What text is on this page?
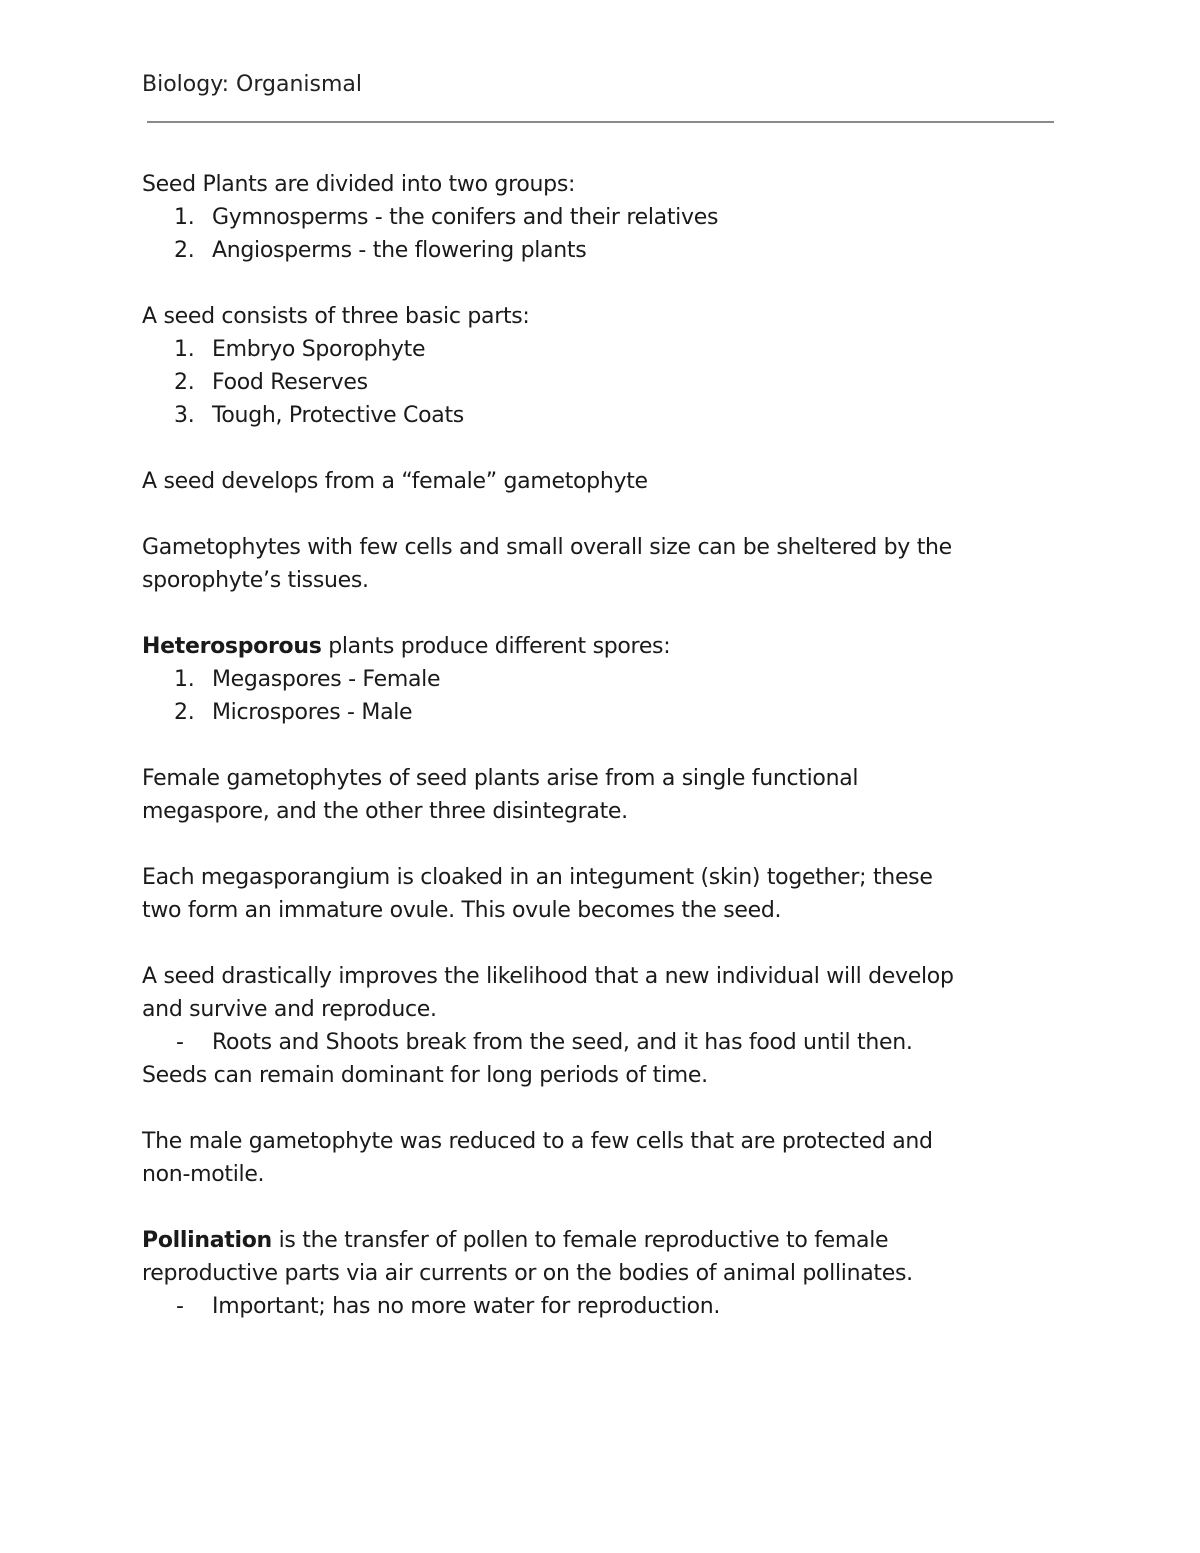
Biology: Organismal
Seed Plants are divided into two groups:
1. Gymnosperms - the conifers and their relatives
2. Angiosperms - the flowering plants
A seed consists of three basic parts:
1. Embryo Sporophyte
2. Food Reserves
3. Tough, Protective Coats
A seed develops from a “female” gametophyte
Gametophytes with few cells and small overall size can be sheltered by the
sporophyte’s tissues.
Heterosporous plants produce different spores:
1. Megaspores - Female
2. Microspores - Male
Female gametophytes of seed plants arise from a single functional
megaspore, and the other three disintegrate.
Each megasporangium is cloaked in an integument (skin) together; these
two form an immature ovule. This ovule becomes the seed.
A seed drastically improves the likelihood that a new individual will develop
and survive and reproduce.
-	Roots and Shoots break from the seed, and it has food until then.
Seeds can remain dominant for long periods of time.
The male gametophyte was reduced to a few cells that are protected and
non-motile.
Pollination is the transfer of pollen to female reproductive to female
reproductive parts via air currents or on the bodies of animal pollinates.
-	Important; has no more water for reproduction.
